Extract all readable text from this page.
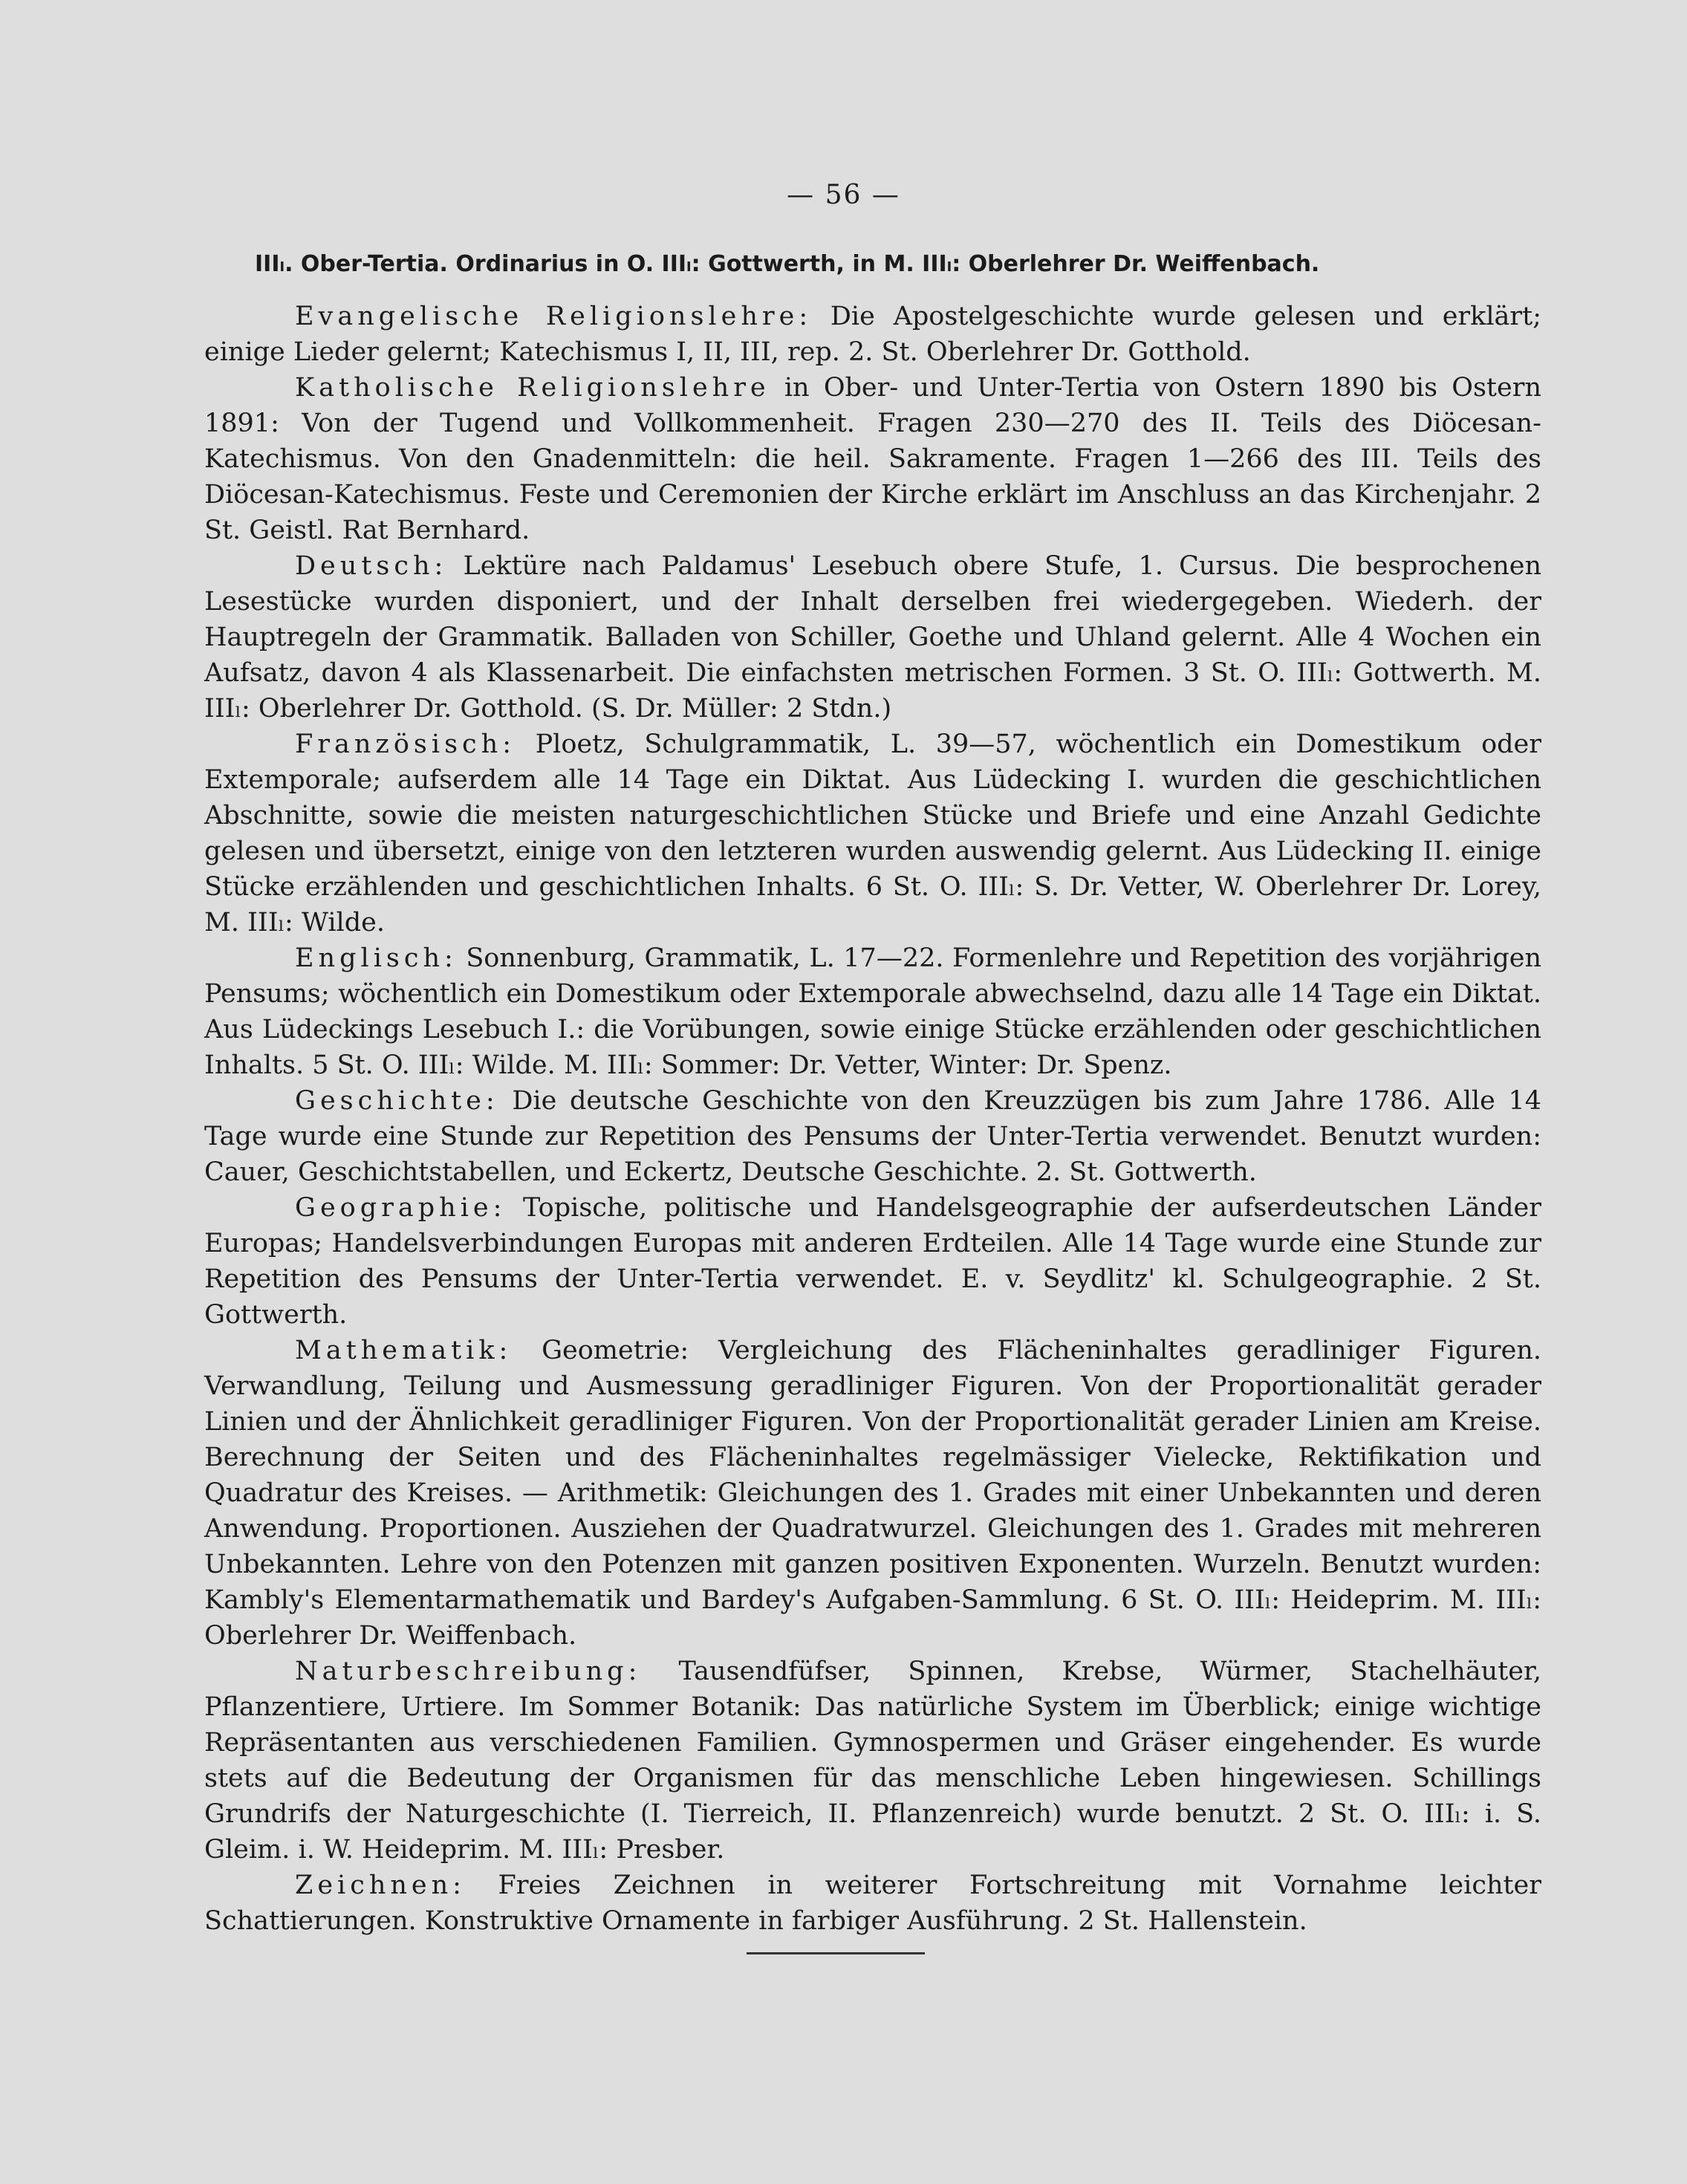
— 56 —
IIIₗ. Ober-Tertia. Ordinarius in O. IIIₗ: Gottwerth, in M. IIIₗ: Oberlehrer Dr. Weiffenbach.

Evangelische Religionslehre: Die Apostelgeschichte wurde gelesen und erklärt; einige Lieder gelernt; Katechismus I, II, III, rep. 2. St. Oberlehrer Dr. Gotthold.

Katholische Religionslehre in Ober- und Unter-Tertia von Ostern 1890 bis Ostern 1891: Von der Tugend und Vollkommenheit. Fragen 230—270 des II. Teils des Diöcesan-Katechismus. Von den Gnadenmitteln: die heil. Sakramente. Fragen 1—266 des III. Teils des Diöcesan-Katechismus. Feste und Ceremonien der Kirche erklärt im Anschluss an das Kirchenjahr. 2 St. Geistl. Rat Bernhard.

Deutsch: Lektüre nach Paldamus' Lesebuch obere Stufe, 1. Cursus. Die besprochenen Lesestücke wurden disponiert, und der Inhalt derselben frei wiedergegeben. Wiederh. der Hauptregeln der Grammatik. Balladen von Schiller, Goethe und Uhland gelernt. Alle 4 Wochen ein Aufsatz, davon 4 als Klassenarbeit. Die einfachsten metrischen Formen. 3 St. O. IIIₗ: Gottwerth. M. IIIₗ: Oberlehrer Dr. Gotthold. (S. Dr. Müller: 2 Stdn.)

Französisch: Ploetz, Schulgrammatik, L. 39—57, wöchentlich ein Domestikum oder Extemporale; aufserdem alle 14 Tage ein Diktat. Aus Lüdecking I. wurden die geschichtlichen Abschnitte, sowie die meisten naturgeschichtlichen Stücke und Briefe und eine Anzahl Gedichte gelesen und übersetzt, einige von den letzteren wurden auswendig gelernt. Aus Lüdecking II. einige Stücke erzählenden und geschichtlichen Inhalts. 6 St. O. IIIₗ: S. Dr. Vetter, W. Oberlehrer Dr. Lorey, M. IIIₗ: Wilde.

Englisch: Sonnenburg, Grammatik, L. 17—22. Formenlehre und Repetition des vorjährigen Pensums; wöchentlich ein Domestikum oder Extemporale abwechselnd, dazu alle 14 Tage ein Diktat. Aus Lüdeckings Lesebuch I.: die Vorübungen, sowie einige Stücke erzählenden oder geschichtlichen Inhalts. 5 St. O. IIIₗ: Wilde. M. IIIₗ: Sommer: Dr. Vetter, Winter: Dr. Spenz.

Geschichte: Die deutsche Geschichte von den Kreuzzügen bis zum Jahre 1786. Alle 14 Tage wurde eine Stunde zur Repetition des Pensums der Unter-Tertia verwendet. Benutzt wurden: Cauer, Geschichtstabellen, und Eckertz, Deutsche Geschichte. 2. St. Gottwerth.

Geographie: Topische, politische und Handelsgeographie der aufserdeutschen Länder Europas; Handelsverbindungen Europas mit anderen Erdteilen. Alle 14 Tage wurde eine Stunde zur Repetition des Pensums der Unter-Tertia verwendet. E. v. Seydlitz' kl. Schulgeographie. 2 St. Gottwerth.

Mathematik: Geometrie: Vergleichung des Flächeninhaltes geradliniger Figuren. Verwandlung, Teilung und Ausmessung geradliniger Figuren. Von der Proportionalität gerader Linien und der Ähnlichkeit geradliniger Figuren. Von der Proportionalität gerader Linien am Kreise. Berechnung der Seiten und des Flächeninhaltes regelmässiger Vielecke, Rektifikation und Quadratur des Kreises. — Arithmetik: Gleichungen des 1. Grades mit einer Unbekannten und deren Anwendung. Proportionen. Ausziehen der Quadratwurzel. Gleichungen des 1. Grades mit mehreren Unbekannten. Lehre von den Potenzen mit ganzen positiven Exponenten. Wurzeln. Benutzt wurden: Kambly's Elementarmathematik und Bardey's Aufgaben-Sammlung. 6 St. O. IIIₗ: Heideprim. M. IIIₗ: Oberlehrer Dr. Weiffenbach.

Naturbeschreibung: Tausendfüfser, Spinnen, Krebse, Würmer, Stachelhäuter, Pflanzentiere, Urtiere. Im Sommer Botanik: Das natürliche System im Überblick; einige wichtige Repräsentanten aus verschiedenen Familien. Gymnospermen und Gräser eingehender. Es wurde stets auf die Bedeutung der Organismen für das menschliche Leben hingewiesen. Schillings Grundrifs der Naturgeschichte (I. Tierreich, II. Pflanzenreich) wurde benutzt. 2 St. O. IIIₗ: i. S. Gleim. i. W. Heideprim. M. IIIₗ: Presber.

Zeichnen: Freies Zeichnen in weiterer Fortschreitung mit Vornahme leichter Schattierungen. Konstruktive Ornamente in farbiger Ausführung. 2 St. Hallenstein.
